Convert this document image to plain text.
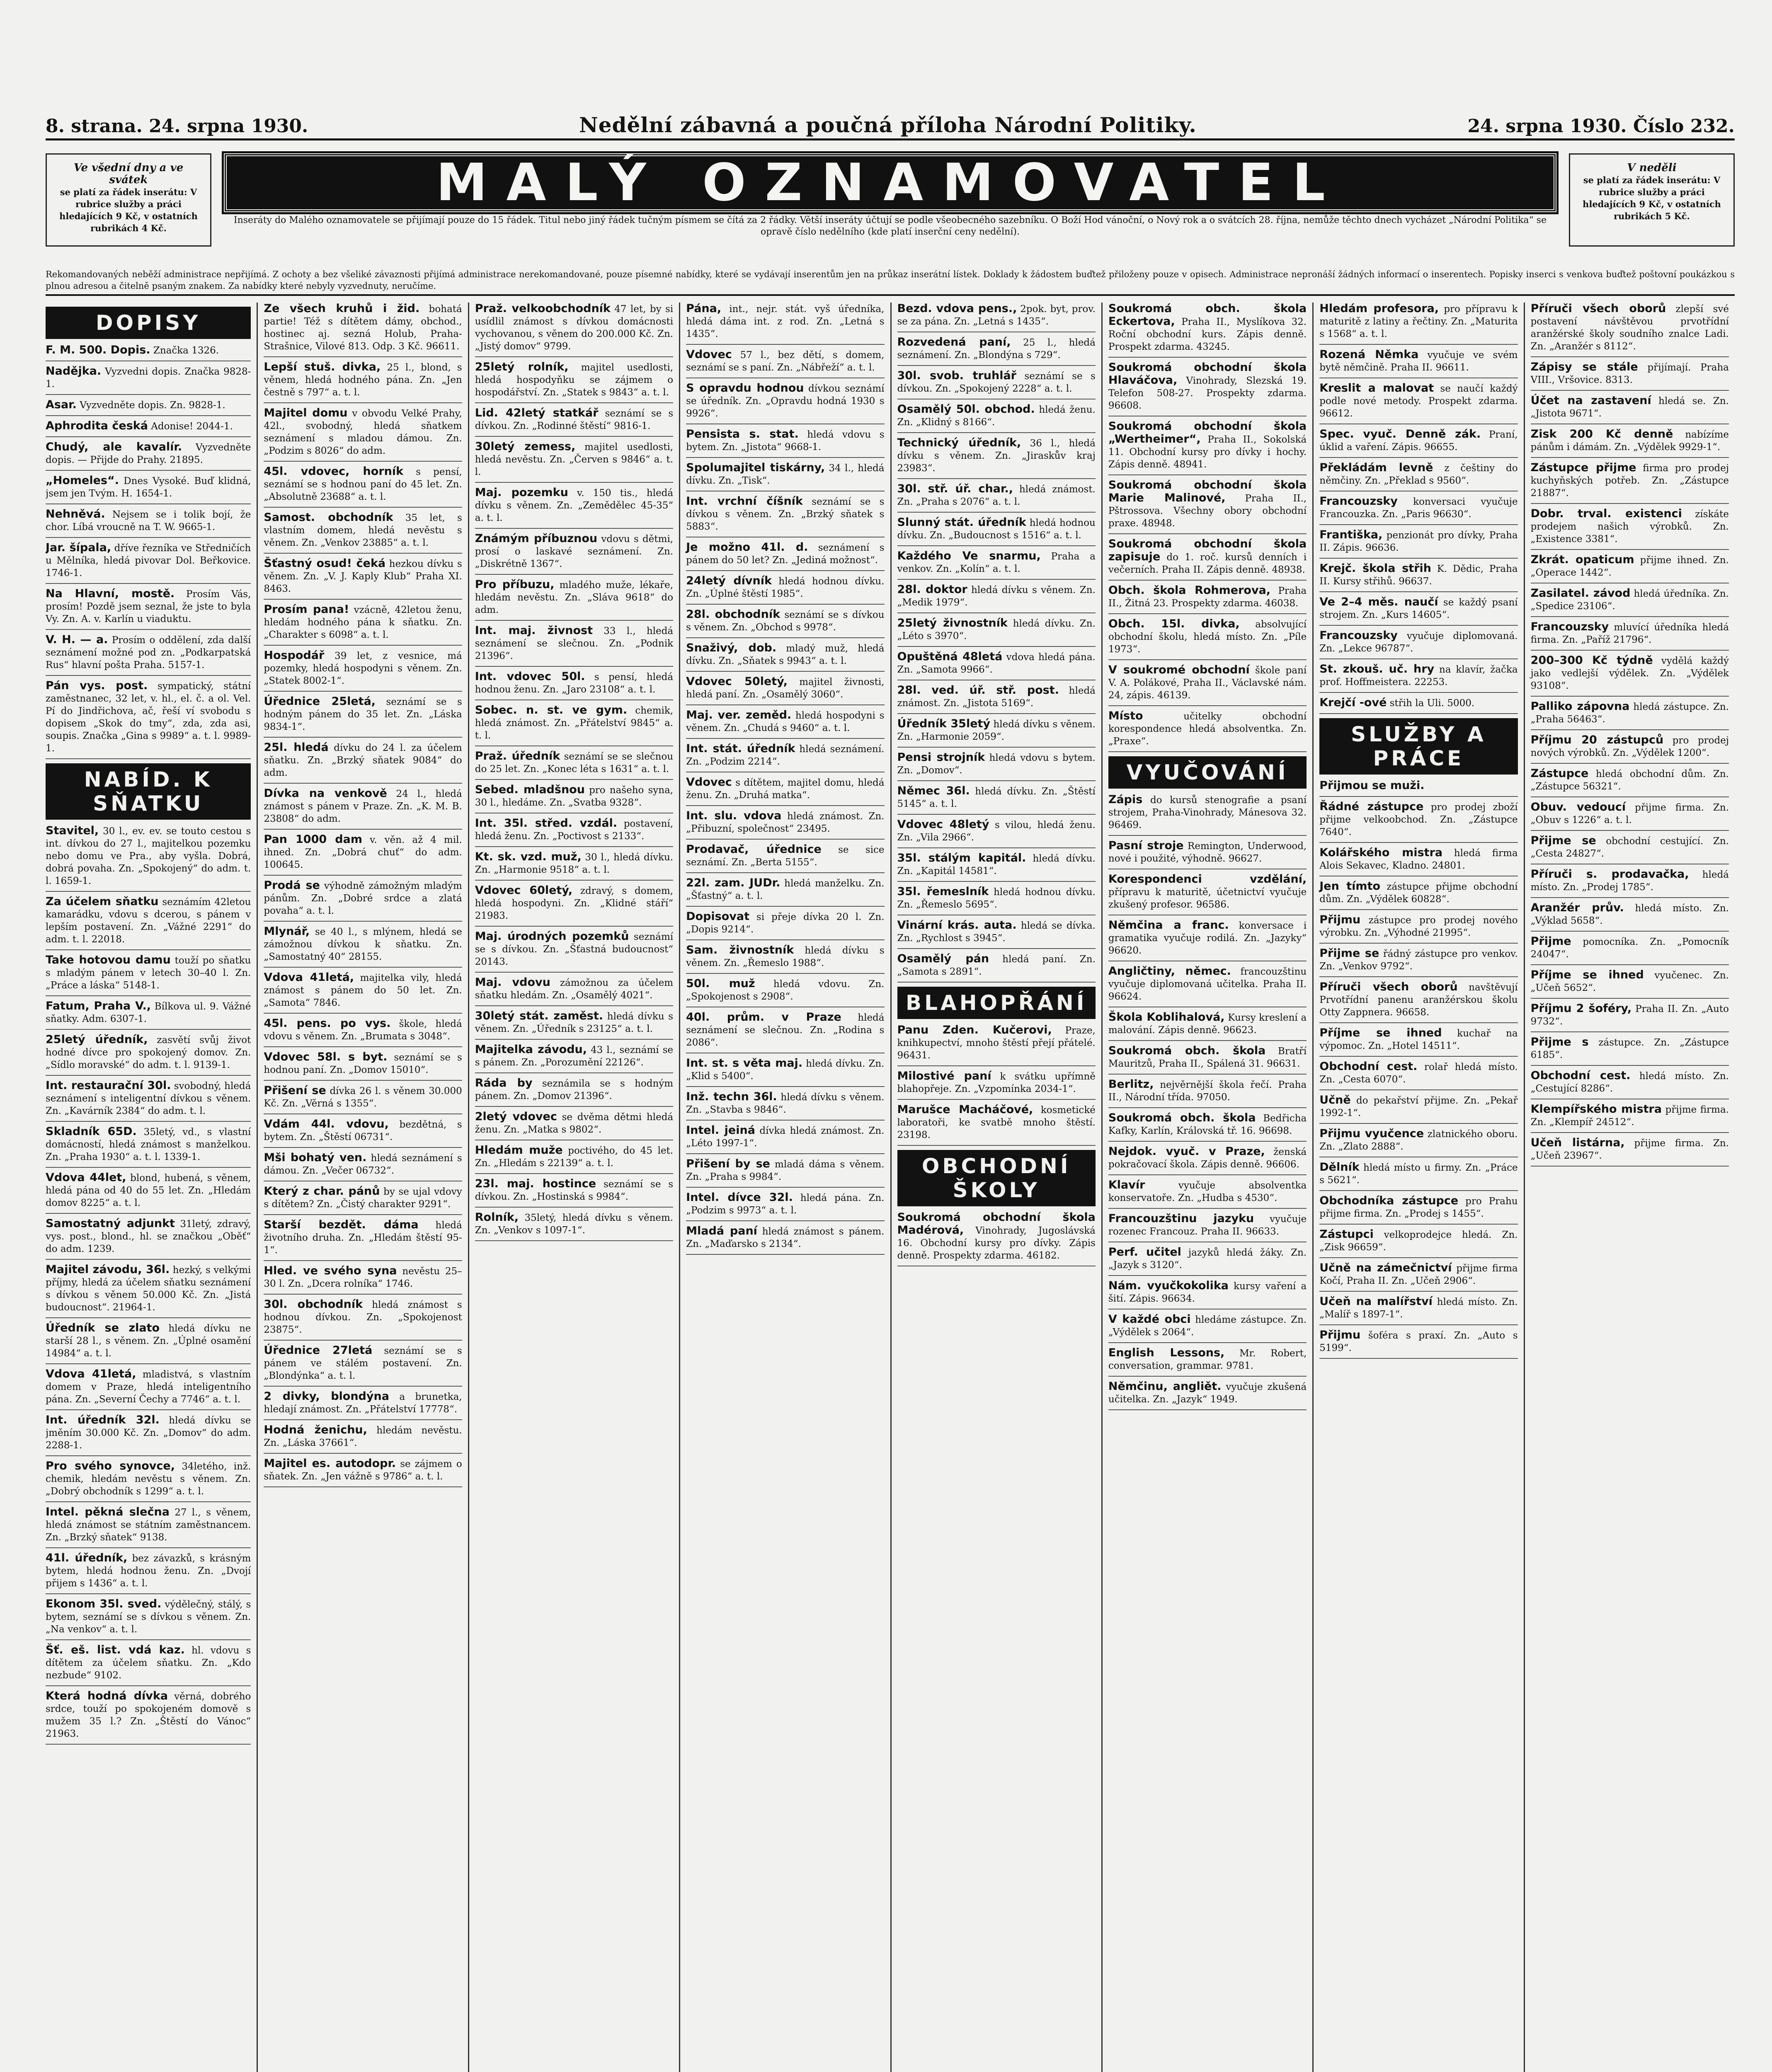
8. strana. 24. srpna 1930.	Nedělní zábavná a poučná příloha Národní Politiky.	24. srpna 1930. Číslo 232.
Ve všední dny a ve svátek
se platí za řádek inserátu: V rubrice služby a práci hledajících 9 Kč, v ostatních rubrikách 4 Kč.
MALÝ OZNAMOVATEL
Inseráty do Malého oznamovatele se přijímají pouze do 15 řádek. Titul nebo jiný řádek tučným písmem se čítá za 2 řádky. Větší inseráty účtují se podle všeobecného sazebníku. O Boží Hod vánoční, o Nový rok a o svátcích 28. října, nemůže těchto dnech vycházet „Národní Politika“ se opravě číslo nedělního (kde platí inserční ceny nedělní).
V neděli
se platí za řádek inserátu: V rubrice služby a práci hledajících 9 Kč, v ostatních rubrikách 5 Kč.
Rekomandovaných neběží administrace nepřijímá. Z ochoty a bez všeliké závaznosti přijímá administrace nerekomandované, pouze písemné nabídky, které se vydávají inserentům jen na průkaz inserátní lístek. Doklady k žádostem buďtež přiloženy pouze v opisech. Administrace nepronáší žádných informací o inserentech. Popisky inserci s venkova buďtež poštovní poukázkou s plnou adresou a čitelně psaným znakem. Za nabídky které nebyly vyzvednuty, neručíme.
DOPISY
F. M. 500. Dopis. Značka 1326.
Nadějka. Vyzvedni dopis. Značka 9828-1.
Asar. Vyzvedněte dopis. Zn. 9828-1.
Aphrodita česká Adonise! 2044-1.
Chudý, ale kavalír. Vyzvedněte dopis. — Přijde do Prahy. 21895.
„Homeles“. Dnes Vysoké. Buď klidná, jsem jen Tvým. H. 1654-1.
Nehněvá. Nejsem se i tolik bojí, že chor. Líbá vroucně na T. W. 9665-1.
Jar. šípala, dříve řezníka ve Středničích u Mělníka, hledá pivovar Dol. Beřkovice. 1746-1.
Na Hlavní, mostě. Prosím Vás, prosím! Pozdě jsem seznal, že jste to byla Vy. Zn. A. v. Karlín u viaduktu.
V. H. — a. Prosím o oddělení, zda další seznámení možné pod zn. „Podkarpatská Rus“ hlavní pošta Praha. 5157-1.
Pán vys. post. sympatický, státní zaměstnanec, 32 let, v. hl., el. č. a ol. Vel. Pí do Jindřichova, ač, řeší ví svobodu s dopisem „Skok do tmy“, zda, zda asi, soupis. Značka „Gina s 9989“ a. t. l. 9989-1.
NABÍD. K SŇATKU
Stavitel, 30 l., ev. ev. se touto cestou s int. dívkou do 27 l., majitelkou pozemku nebo domu ve Pra., aby vyšla. Dobrá, dobrá povaha. Zn. „Spokojený“ do adm. t. l. 1659-1.
Za účelem sňatku seznámím 42letou kamarádku, vdovu s dcerou, s pánem v lepším postavení. Zn. „Vážné 2291“ do adm. t. l. 22018.
Take hotovou damu touží po sňatku s mladým pánem v letech 30–40 l. Zn. „Práce a láska“ 5148-1.
Fatum, Praha V., Bílkova ul. 9. Vážné sňatky. Adm. 6307-1.
25letý úředník, zasvětí svůj život hodné dívce pro spokojený domov. Zn. „Sídlo moravské“ do adm. t. l. 9139-1.
Int. restaurační 30l. svobodný, hledá seznámení s inteligentní dívkou s věnem. Zn. „Kavárník 2384“ do adm. t. l.
Skladník 65D. 35letý, vd., s vlastní domácností, hledá známost s manželkou. Zn. „Praha 1930“ a. t. l. 1339-1.
Vdova 44let, blond, hubená, s věnem, hledá pána od 40 do 55 let. Zn. „Hledám domov 8225“ a. t. l.
Samostatný adjunkt 31letý, zdravý, vys. post., blond., hl. se značkou „Oběť“ do adm. 1239.
Majitel závodu, 36l. hezký, s velkými příjmy, hledá za účelem sňatku seznámení s dívkou s věnem 50.000 Kč. Zn. „Jistá budoucnost“. 21964-1.
Úředník se zlato hledá dívku ne starší 28 l., s věnem. Zn. „Úplné osamění 14984“ a. t. l.
Vdova 41letá, mladistvá, s vlastním domem v Praze, hledá inteligentního pána. Zn. „Severní Čechy a 7746“ a. t. l.
Int. úředník 32l. hledá dívku se jměním 30.000 Kč. Zn. „Domov“ do adm. 2288-1.
Pro svého synovce, 34letého, inž. chemik, hledám nevěstu s věnem. Zn. „Dobrý obchodník s 1299“ a. t. l.
Intel. pěkná slečna 27 l., s věnem, hledá známost se státním zaměstnancem. Zn. „Brzký sňatek“ 9138.
41l. úředník, bez závazků, s krásným bytem, hledá hodnou ženu. Zn. „Dvojí přijem s 1436“ a. t. l.
Ekonom 35l. sved. výdělečný, stálý, s bytem, seznámí se s dívkou s věnem. Zn. „Na venkov“ a. t. l.
Šť. eš. list. vdá kaz. hl. vdovu s dítětem za účelem sňatku. Zn. „Kdo nezbude“ 9102.
Která hodná dívka věrná, dobrého srdce, touží po spokojeném domově s mužem 35 l.? Zn. „Štěstí do Vánoc“ 21963.
Ze všech kruhů i žid. bohatá partie! Též s dítětem dámy, obchod., hostinec aj. sezná Holub, Praha-Strašnice, Vilové 813. Odp. 3 Kč. 96611.
Lepší stuš. divka, 25 l., blond, s věnem, hledá hodného pána. Zn. „Jen čestně s 797“ a. t. l.
Majitel domu v obvodu Velké Prahy, 42l., svobodný, hledá sňatkem seznámení s mladou dámou. Zn. „Podzim s 8026“ do adm.
45l. vdovec, horník s pensí, seznámí se s hodnou paní do 45 let. Zn. „Absolutně 23688“ a. t. l.
Samost. obchodník 35 let, s vlastním domem, hledá nevěstu s věnem. Zn. „Venkov 23885“ a. t. l.
Šťastný osud! čeká hezkou dívku s věnem. Zn. „V. J. Kaply Klub“ Praha XI. 8463.
Prosím pana! vzácně, 42letou ženu, hledám hodného pána k sňatku. Zn. „Charakter s 6098“ a. t. l.
Hospodář 39 let, z vesnice, má pozemky, hledá hospodyni s věnem. Zn. „Statek 8002-1“.
Úřednice 25letá, seznámí se s hodným pánem do 35 let. Zn. „Láska 9834-1“.
25l. hledá dívku do 24 l. za účelem sňatku. Zn. „Brzký sňatek 9084“ do adm.
Dívka na venkově 24 l., hledá známost s pánem v Praze. Zn. „K. M. B. 23808“ do adm.
Pan 1000 dam v. věn. až 4 mil. ihned. Zn. „Dobrá chuť“ do adm. 100645.
Prodá se výhodně zámožným mladým pánům. Zn. „Dobré srdce a zlatá povaha“ a. t. l.
Mlynář, se 40 l., s mlýnem, hledá se zámožnou dívkou k sňatku. Zn. „Samostatný 40“ 28155.
Vdova 41letá, majitelka vily, hledá známost s pánem do 50 let. Zn. „Samota“ 7846.
45l. pens. po vys. škole, hledá vdovu s věnem. Zn. „Brumata s 3048“.
Vdovec 58l. s byt. seznámí se s hodnou paní. Zn. „Domov 15010“.
Přišení se dívka 26 l. s věnem 30.000 Kč. Zn. „Věrná s 1355“.
Vdám 44l. vdovu, bezdětná, s bytem. Zn. „Štěstí 06731“.
Mši bohatý ven. hledá seznámení s dámou. Zn. „Večer 06732“.
Který z char. pánů by se ujal vdovy s dítětem? Zn. „Čistý charakter 9291“.
Starší bezdět. dáma hledá životního druha. Zn. „Hledám štěstí 95-1“.
Hled. ve svého syna nevěstu 25–30 l. Zn. „Dcera rolníka“ 1746.
30l. obchodník hledá známost s hodnou dívkou. Zn. „Spokojenost 23875“.
Úřednice 27letá seznámí se s pánem ve stálém postavení. Zn. „Blondýnka“ a. t. l.
2 divky, blondýna a brunetka, hledají známost. Zn. „Přátelství 17778“.
Hodná ženichu, hledám nevěstu. Zn. „Láska 37661“.
Majitel es. autodopr. se zájmem o sňatek. Zn. „Jen vážně s 9786“ a. t. l.
Praž. velkoobchodník 47 let, by si usídlil známost s dívkou domácnosti vychovanou, s věnem do 200.000 Kč. Zn. „Jistý domov“ 9799.
25letý rolník, majitel usedlosti, hledá hospodyňku se zájmem o hospodářství. Zn. „Statek s 9843“ a. t. l.
Lid. 42letý statkář seznámí se s dívkou. Zn. „Rodinné štěstí“ 9816-1.
30letý zemess, majitel usedlosti, hledá nevěstu. Zn. „Červen s 9846“ a. t. l.
Maj. pozemku v. 150 tis., hledá dívku s věnem. Zn. „Zemědělec 45-35“ a. t. l.
Známým příbuznou vdovu s dětmi, prosí o laskavé seznámení. Zn. „Diskrétně 1367“.
Pro příbuzu, mladého muže, lékaře, hledám nevěstu. Zn. „Sláva 9618“ do adm.
Int. maj. živnost 33 l., hledá seznámení se slečnou. Zn. „Podnik 21396“.
Int. vdovec 50l. s pensí, hledá hodnou ženu. Zn. „Jaro 23108“ a. t. l.
Sobec. n. st. ve gym. chemik, hledá známost. Zn. „Přátelství 9845“ a. t. l.
Praž. úředník seznámí se se slečnou do 25 let. Zn. „Konec léta s 1631“ a. t. l.
Sebed. mladšnou pro našeho syna, 30 l., hledáme. Zn. „Svatba 9328“.
Int. 35l. střed. vzdál. postavení, hledá ženu. Zn. „Poctivost s 2133“.
Kt. sk. vzd. muž, 30 l., hledá dívku. Zn. „Harmonie 9518“ a. t. l.
Vdovec 60letý, zdravý, s domem, hledá hospodyni. Zn. „Klidné stáří“ 21983.
Maj. úrodných pozemků seznámí se s dívkou. Zn. „Šťastná budoucnost“ 20143.
Maj. vdovu zámožnou za účelem sňatku hledám. Zn. „Osamělý 4021“.
30letý stát. zaměst. hledá dívku s věnem. Zn. „Úředník s 23125“ a. t. l.
Majitelka závodu, 43 l., seznámí se s pánem. Zn. „Porozumění 22126“.
Ráda by seznámila se s hodným pánem. Zn. „Domov 21396“.
2letý vdovec se dvěma dětmi hledá ženu. Zn. „Matka s 9802“.
Hledám muže poctivého, do 45 let. Zn. „Hledám s 22139“ a. t. l.
23l. maj. hostince seznámí se s dívkou. Zn. „Hostinská s 9984“.
Rolník, 35letý, hledá dívku s věnem. Zn. „Venkov s 1097-1“.
Pána, int., nejr. stát. vyš úředníka, hledá dáma int. z rod. Zn. „Letná s 1435“.
Vdovec 57 l., bez dětí, s domem, seznámí se s paní. Zn. „Nábřeží“ a. t. l.
S opravdu hodnou dívkou seznámí se úředník. Zn. „Opravdu hodná 1930 s 9926“.
Pensista s. stat. hledá vdovu s bytem. Zn. „Jistota“ 9668-1.
Spolumajitel tiskárny, 34 l., hledá dívku. Zn. „Tisk“.
Int. vrchní číšník seznámí se s dívkou s věnem. Zn. „Brzký sňatek s 5883“.
Je možno 41l. d. seznámení s pánem do 50 let? Zn. „Jediná možnost“.
24letý dívník hledá hodnou dívku. Zn. „Úplné štěstí 1985“.
28l. obchodník seznámí se s dívkou s věnem. Zn. „Obchod s 9978“.
Snaživý, dob. mladý muž, hledá dívku. Zn. „Sňatek s 9943“ a. t. l.
Vdovec 50letý, majitel živnosti, hledá paní. Zn. „Osamělý 3060“.
Maj. ver. zeměd. hledá hospodyni s věnem. Zn. „Chudá s 9460“ a. t. l.
Int. stát. úředník hledá seznámení. Zn. „Podzim 2214“.
Vdovec s dítětem, majitel domu, hledá ženu. Zn. „Druhá matka“.
Int. slu. vdova hledá známost. Zn. „Přibuzní, společnost“ 23495.
Prodavač, úřednice se sice seznámí. Zn. „Berta 5155“.
22l. zam. JUDr. hledá manželku. Zn. „Šťastný“ a. t. l.
Dopisovat si přeje dívka 20 l. Zn. „Dopis 9214“.
Sam. živnostník hledá dívku s věnem. Zn. „Řemeslo 1988“.
50l. muž hledá vdovu. Zn. „Spokojenost s 2908“.
40l. prům. v Praze hledá seznámení se slečnou. Zn. „Rodina s 2086“.
Int. st. s věta maj. hledá dívku. Zn. „Klid s 5400“.
Inž. techn 36l. hledá dívku s věnem. Zn. „Stavba s 9846“.
Intel. jeiná dívka hledá známost. Zn. „Léto 1997-1“.
Přišení by se mladá dáma s věnem. Zn. „Praha s 9984“.
Intel. dívce 32l. hledá pána. Zn. „Podzim s 9973“ a. t. l.
Mladá paní hledá známost s pánem. Zn. „Maďarsko s 2134“.
Bezd. vdova pens., 2pok. byt, prov. se za pána. Zn. „Letná s 1435“.
Rozvedená paní, 25 l., hledá seznámení. Zn. „Blondýna s 729“.
30l. svob. truhlář seznámí se s dívkou. Zn. „Spokojený 2228“ a. t. l.
Osamělý 50l. obchod. hledá ženu. Zn. „Klidný s 8166“.
Technický úředník, 36 l., hledá dívku s věnem. Zn. „Jiraskův kraj 23983“.
30l. stř. úř. char., hledá známost. Zn. „Praha s 2076“ a. t. l.
Slunný stát. úředník hledá hodnou dívku. Zn. „Budoucnost s 1516“ a. t. l.
Každého Ve snarmu, Praha a venkov. Zn. „Kolín“ a. t. l.
28l. doktor hledá dívku s věnem. Zn. „Medik 1979“.
25letý živnostník hledá dívku. Zn. „Léto s 3970“.
Opuštěná 48letá vdova hledá pána. Zn. „Samota 9966“.
28l. ved. úř. stř. post. hledá známost. Zn. „Jistota 5169“.
Úředník 35letý hledá dívku s věnem. Zn. „Harmonie 2059“.
Pensi strojník hledá vdovu s bytem. Zn. „Domov“.
Němec 36l. hledá dívku. Zn. „Štěstí 5145“ a. t. l.
Vdovec 48letý s vilou, hledá ženu. Zn. „Vila 2966“.
35l. stálým kapitál. hledá dívku. Zn. „Kapitál 14581“.
35l. řemeslník hledá hodnou dívku. Zn. „Řemeslo 5695“.
Vinární krás. auta. hledá se dívka. Zn. „Rychlost s 3945“.
Osamělý pán hledá paní. Zn. „Samota s 2891“.
BLAHOPŘÁNÍ
Panu Zden. Kučerovi, Praze, knihkupectví, mnoho štěstí přejí přátelé. 96431.
Milostivé paní k svátku upřímně blahopřeje. Zn. „Vzpomínka 2034-1“.
Marušce Macháčové, kosmetické laboratoři, ke svatbě mnoho štěstí. 23198.
OBCHODNÍ ŠKOLY
Soukromá obchodní škola Madérová, Vinohrady, Jugoslávská 16. Obchodní kursy pro dívky. Zápis denně. Prospekty zdarma. 46182.
Soukromá obch. škola Eckertova, Praha II., Myslíkova 32. Roční obchodní kurs. Zápis denně. Prospekt zdarma. 43245.
Soukromá obchodní škola Hlaváčova, Vinohrady, Slezská 19. Telefon 508-27. Prospekty zdarma. 96608.
Soukromá obchodní škola „Wertheimer“, Praha II., Sokolská 11. Obchodní kursy pro dívky i hochy. Zápis denně. 48941.
Soukromá obchodní škola Marie Malinové, Praha II., Pštrossova. Všechny obory obchodní praxe. 48948.
Soukromá obchodní škola zapisuje do 1. roč. kursů denních i večerních. Praha II. Zápis denně. 48938.
Obch. škola Rohmerova, Praha II., Žitná 23. Prospekty zdarma. 46038.
Obch. 15l. divka, absolvující obchodní školu, hledá místo. Zn. „Píle 1973“.
V soukromé obchodní škole paní V. A. Polákové, Praha II., Václavské nám. 24, zápis. 46139.
Místo učitelky obchodní korespondence hledá absolventka. Zn. „Praxe“.
VYUČOVÁNÍ
Zápis do kursů stenografie a psaní strojem, Praha-Vinohrady, Mánesova 32. 96469.
Pasní stroje Remington, Underwood, nové i použité, výhodně. 96627.
Korespondenci vzdělání, přípravu k maturitě, účetnictví vyučuje zkušený profesor. 96586.
Němčina a franc. konversace i gramatika vyučuje rodilá. Zn. „Jazyky“ 96620.
Angličtiny, němec. francouzštinu vyučuje diplomovaná učitelka. Praha II. 96624.
Škola Koblihalová, Kursy kreslení a malování. Zápis denně. 96623.
Soukromá obch. škola Bratří Mauritzů, Praha II., Spálená 31. 96631.
Berlitz, nejvěrnější škola řečí. Praha II., Národní třída. 97050.
Soukromá obch. škola Bedřicha Kafky, Karlín, Královská tř. 16. 96698.
Nejdok. vyuč. v Praze, ženská pokračovací škola. Zápis denně. 96606.
Klavír vyučuje absolventka konservatoře. Zn. „Hudba s 4530“.
Francouzštinu jazyku vyučuje rozenec Francouz. Praha II. 96633.
Perf. učitel jazyků hledá žáky. Zn. „Jazyk s 3120“.
Nám. vyučkokolika kursy vaření a šití. Zápis. 96634.
V každé obci hledáme zástupce. Zn. „Výdělek s 2064“.
English Lessons, Mr. Robert, conversation, grammar. 9781.
Němčinu, angliět. vyučuje zkušená učitelka. Zn. „Jazyk“ 1949.
Hledám profesora, pro přípravu k maturitě z latiny a řečtiny. Zn. „Maturita s 1568“ a. t. l.
Rozená Němka vyučuje ve svém bytě němčině. Praha II. 96611.
Kreslit a malovat se naučí každý podle nové metody. Prospekt zdarma. 96612.
Spec. vyuč. Denně zák. Praní, úklid a vaření. Zápis. 96655.
Překládám levně z češtiny do němčiny. Zn. „Překlad s 9560“.
Francouzsky konversaci vyučuje Francouzka. Zn. „Paris 96630“.
Františka, penzionát pro dívky, Praha II. Zápis. 96636.
Krejč. škola střih K. Dědic, Praha II. Kursy střihů. 96637.
Ve 2–4 měs. naučí se každý psaní strojem. Zn. „Kurs 14605“.
Francouzsky vyučuje diplomovaná. Zn. „Lekce 96787“.
St. zkouš. uč. hry na klavír, žačka prof. Hoffmeistera. 22253.
Krejčí -ové střih la Uli. 5000.
SLUŽBY A PRÁCE
Přijmou se muži.
Řádné zástupce pro prodej zboží přijme velkoobchod. Zn. „Zástupce 7640“.
Kolářského mistra hledá firma Alois Sekavec, Kladno. 24801.
Jen tímto zástupce přijme obchodní dům. Zn. „Výdělek 60828“.
Přijmu zástupce pro prodej nového výrobku. Zn. „Výhodné 21995“.
Přijme se řádný zástupce pro venkov. Zn. „Venkov 9792“.
Příruči všech oborů navštěvují Prvotřídní panenu aranžérskou školu Otty Zappnera. 96658.
Příjme se ihned kuchař na výpomoc. Zn. „Hotel 14511“.
Obchodní cest. rolař hledá místo. Zn. „Cesta 6070“.
Učně do pekařství přijme. Zn. „Pekař 1992-1“.
Přijmu vyučence zlatnického oboru. Zn. „Zlato 2888“.
Dělník hledá místo u firmy. Zn. „Práce s 5621“.
Obchodníka zástupce pro Prahu přijme firma. Zn. „Prodej s 1455“.
Zástupci velkoprodejce hledá. Zn. „Zisk 96659“.
Učně na zámečnictví přijme firma Kočí, Praha II. Zn. „Učeň 2906“.
Učeň na malířství hledá místo. Zn. „Malíř s 1897-1“.
Přijmu šoféra s praxí. Zn. „Auto s 5199“.
Příruči všech oborů zlepší své postavení návštěvou prvotřídní aranžérské školy soudního znalce Ladi. Zn. „Aranžér s 8112“.
Zápisy se stále přijímají. Praha VIII., Vršovice. 8313.
Účet na zastavení hledá se. Zn. „Jistota 9671“.
Zisk 200 Kč denně nabízíme pánům i dámám. Zn. „Výdělek 9929-1“.
Zástupce přijme firma pro prodej kuchyňských potřeb. Zn. „Zástupce 21887“.
Dobr. trval. existenci získáte prodejem našich výrobků. Zn. „Existence 3381“.
Zkrát. opaticum přijme ihned. Zn. „Operace 1442“.
Zasilatel. závod hledá úředníka. Zn. „Spedice 23106“.
Francouzsky mluvící úředníka hledá firma. Zn. „Paříž 21796“.
200–300 Kč týdně vydělá každý jako vedlejší výdělek. Zn. „Výdělek 93108“.
Palliko zápovna hledá zástupce. Zn. „Praha 56463“.
Příjmu 20 zástupců pro prodej nových výrobků. Zn. „Výdělek 1200“.
Zástupce hledá obchodní dům. Zn. „Zástupce 56321“.
Obuv. vedoucí přijme firma. Zn. „Obuv s 1226“ a. t. l.
Přijme se obchodní cestující. Zn. „Cesta 24827“.
Příruči s. prodavačka, hledá místo. Zn. „Prodej 1785“.
Aranžér prův. hledá místo. Zn. „Výklad 5658“.
Přijme pomocníka. Zn. „Pomocník 24047“.
Příjme se ihned vyučenec. Zn. „Učeň 5652“.
Příjmu 2 šoféry, Praha II. Zn. „Auto 9732“.
Přijme s zástupce. Zn. „Zástupce 6185“.
Obchodní cest. hledá místo. Zn. „Cestující 8286“.
Klempířského mistra přijme firma. Zn. „Klempíř 24512“.
Učeň listárna, přijme firma. Zn. „Učeň 23967“.
